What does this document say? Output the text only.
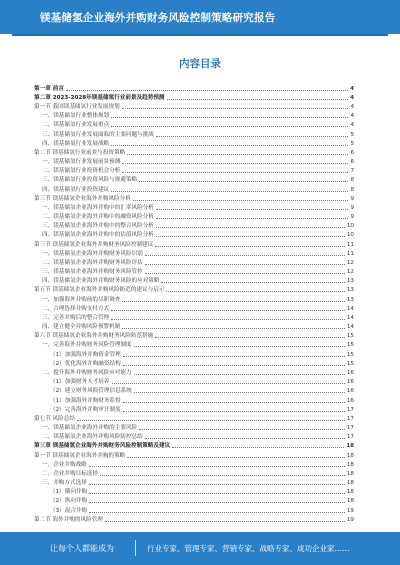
镁基储氢企业海外并购财务风险控制策略研究报告
内容目录
第一章 前言	4
第二章 2023-2028年镁基储氢行业前景及趋势预测	4
第一节 我国镁基储氢行业发展规划	4
一、镁基储氢行业整体规划	4
二、镁基储氢行业发展重点	4
三、镁基储氢行业发展面临的主要问题与挑战	5
四、镁基储氢行业发展战略	5
第二节 镁基储氢行业前景与投资策略	6
一、镁基储氢行业发展前景预测	6
二、镁基储氢行业投资机会分析	7
三、镁基储氢行业投资风险与规避策略	8
四、镁基储氢行业投资建议	8
第三节 镁基储氢企业海外并购风险分析	9
一、镁基储氢企业海外并购中的汇率风险分析	9
二、镁基储氢企业海外并购中的融资风险分析	9
三、镁基储氢企业海外并购中的整合风险分析	10
四、镁基储氢企业海外并购中的估值风险分析	10
第三节 镁基储氢企业海外并购财务风险控制建议	11
一、镁基储氢企业海外并购财务风险识别	11
二、镁基储氢企业海外并购财务风险评估	12
三、镁基储氢企业海外并购财务风险管控	12
四、镁基储氢企业海外并购财务风险的应对策略	13
第五节 镁基储氢企业海外并购风险防范的建议与启示	13
一、加强海外并购前的尽职调查	13
二、合理选择并购支付方式	14
三、完善并购后的整合管理	14
四、建立健全并购风险预警机制	14
第六节 镁基储氢企业海外并购财务风险防范措施	15
一、完善海外并购财务风险管理制度	15
（1）加强海外并购资金管理	15
（2）优化海外并购融资结构	15
二、提升海外并购财务风险应对能力	16
（1）加强财务人才培养	16
（2）建立财务风险管理信息系统	16
（1）加强海外并购财务监督	16
（2）完善海外并购审计制度	17
第七节 风险总结	17
一、镁基储氢企业海外并购的主要风险	17
二、镁基储氢企业海外并购风险防控总结	17
第三章 镁基储氢企业海外并购财务风险控制策略及建议	18
第一节 镁基储氢企业海外并购的策略	18
一、企业并购战略	18
二、企业并购目标选择	18
三、并购方式选择	18
（1）横向并购	18
（2）纵向并购	18
（3）混合并购	19
第二节 海外并购的风险管理	19
让每个人都能成为	行业专家、管理专家、营销专家、战略专家、成功企业家……
